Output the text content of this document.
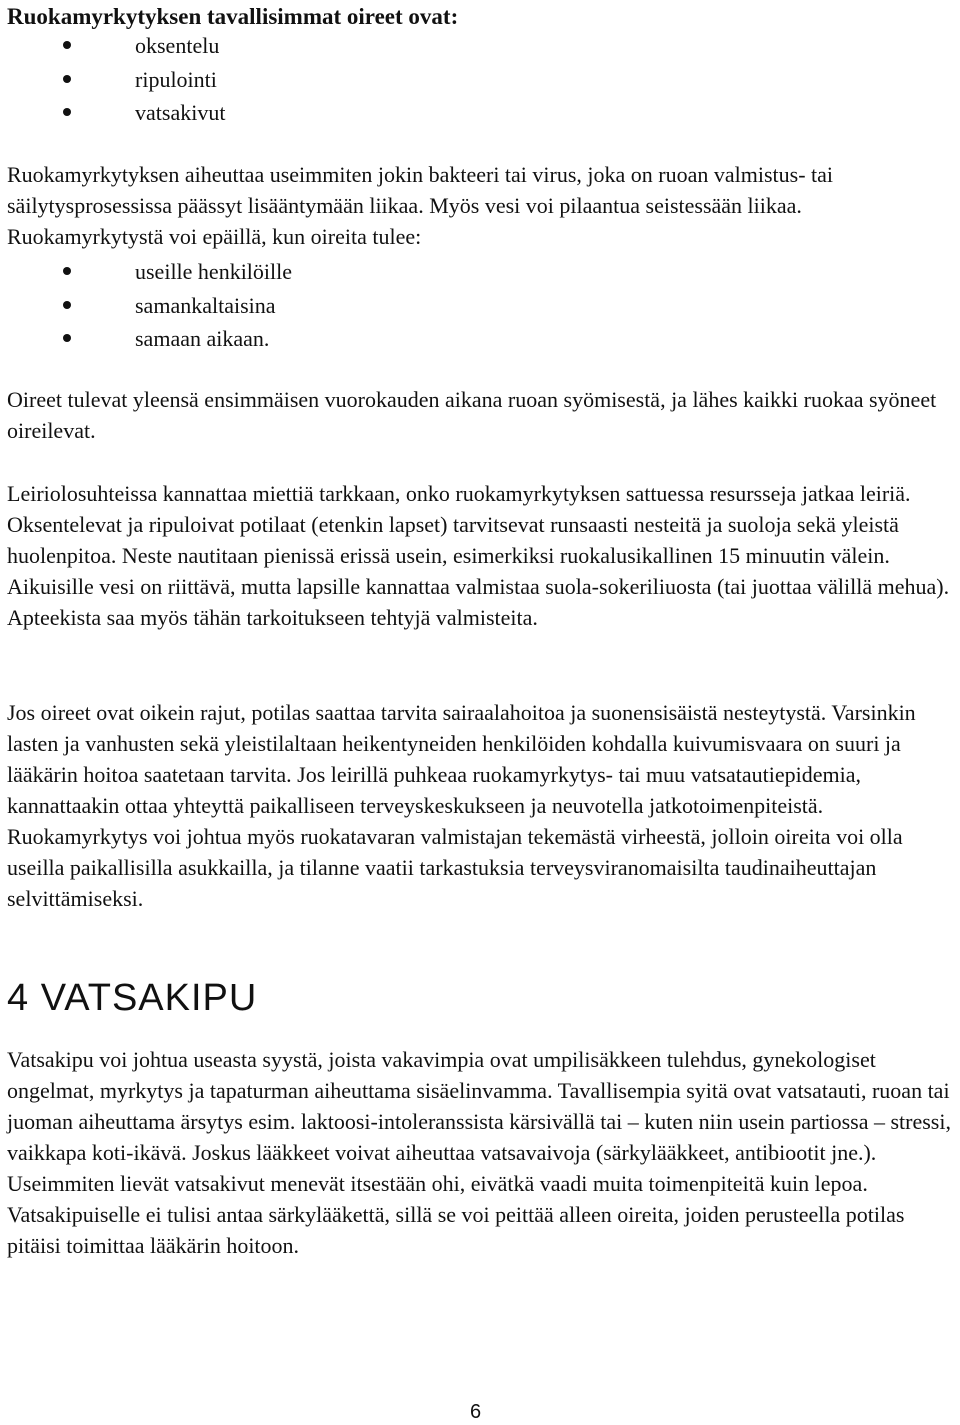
Ruokamyrkytyksen tavallisimmat oireet ovat:
oksentelu
ripulointi
vatsakivut

Ruokamyrkytyksen aiheuttaa useimmiten jokin bakteeri tai virus, joka on ruoan valmistus- tai säilytysprosessissa päässyt lisääntymään liikaa. Myös vesi voi pilaantua seistessään liikaa. Ruokamyrkytystä voi epäillä, kun oireita tulee:

useille henkilöille
samankaltaisina
samaan aikaan.

Oireet tulevat yleensä ensimmäisen vuorokauden aikana ruoan syömisestä, ja lähes kaikki ruokaa syöneet oireilevat.

Leiriolosuhteissa kannattaa miettiä tarkkaan, onko ruokamyrkytyksen sattuessa resursseja jatkaa leiriä. Oksentelevat ja ripuloivat potilaat (etenkin lapset) tarvitsevat runsaasti nesteitä ja suoloja sekä yleistä huolenpitoa. Neste nautitaan pienissä erissä usein, esimerkiksi ruokalusikallinen 15 minuutin välein. Aikuisille vesi on riittävä, mutta lapsille kannattaa valmistaa suola-sokeriliuosta (tai juottaa välillä mehua). Apteekista saa myös tähän tarkoitukseen tehtyjä valmisteita.

Jos oireet ovat oikein rajut, potilas saattaa tarvita sairaalahoitoa ja suonensisäistä nesteytystä. Varsinkin lasten ja vanhusten sekä yleistilaltaan heikentyneiden henkilöiden kohdalla kuivumisvaara on suuri ja lääkärin hoitoa saatetaan tarvita. Jos leirillä puhkeaa ruokamyrkytys- tai muu vatsatautiepidemia, kannattaakin ottaa yhteyttä paikalliseen terveyskeskukseen ja neuvotella jatkotoimenpiteistä. Ruokamyrkytys voi johtua myös ruokatavaran valmistajan tekemästä virheestä, jolloin oireita voi olla useilla paikallisilla asukkailla, ja tilanne vaatii tarkastuksia terveysviranomaisilta taudinaiheuttajan selvittämiseksi.

4 VATSAKIPU

Vatsakipu voi johtua useasta syystä, joista vakavimpia ovat umpilisäkkeen tulehdus, gynekologiset ongelmat, myrkytys ja tapaturman aiheuttama sisäelinvamma. Tavallisempia syitä ovat vatsatauti, ruoan tai juoman aiheuttama ärsytys esim. laktoosi-intoleranssista kärsivällä tai – kuten niin usein partiossa – stressi, vaikkapa koti-ikävä. Joskus lääkkeet voivat aiheuttaa vatsavaivoja (särkylääkkeet, antibiootit jne.). Useimmiten lievät vatsakivut menevät itsestään ohi, eivätkä vaadi muita toimenpiteitä kuin lepoa. Vatsakipuiselle ei tulisi antaa särkylääkettä, sillä se voi peittää alleen oireita, joiden perusteella potilas pitäisi toimittaa lääkärin hoitoon.

6
